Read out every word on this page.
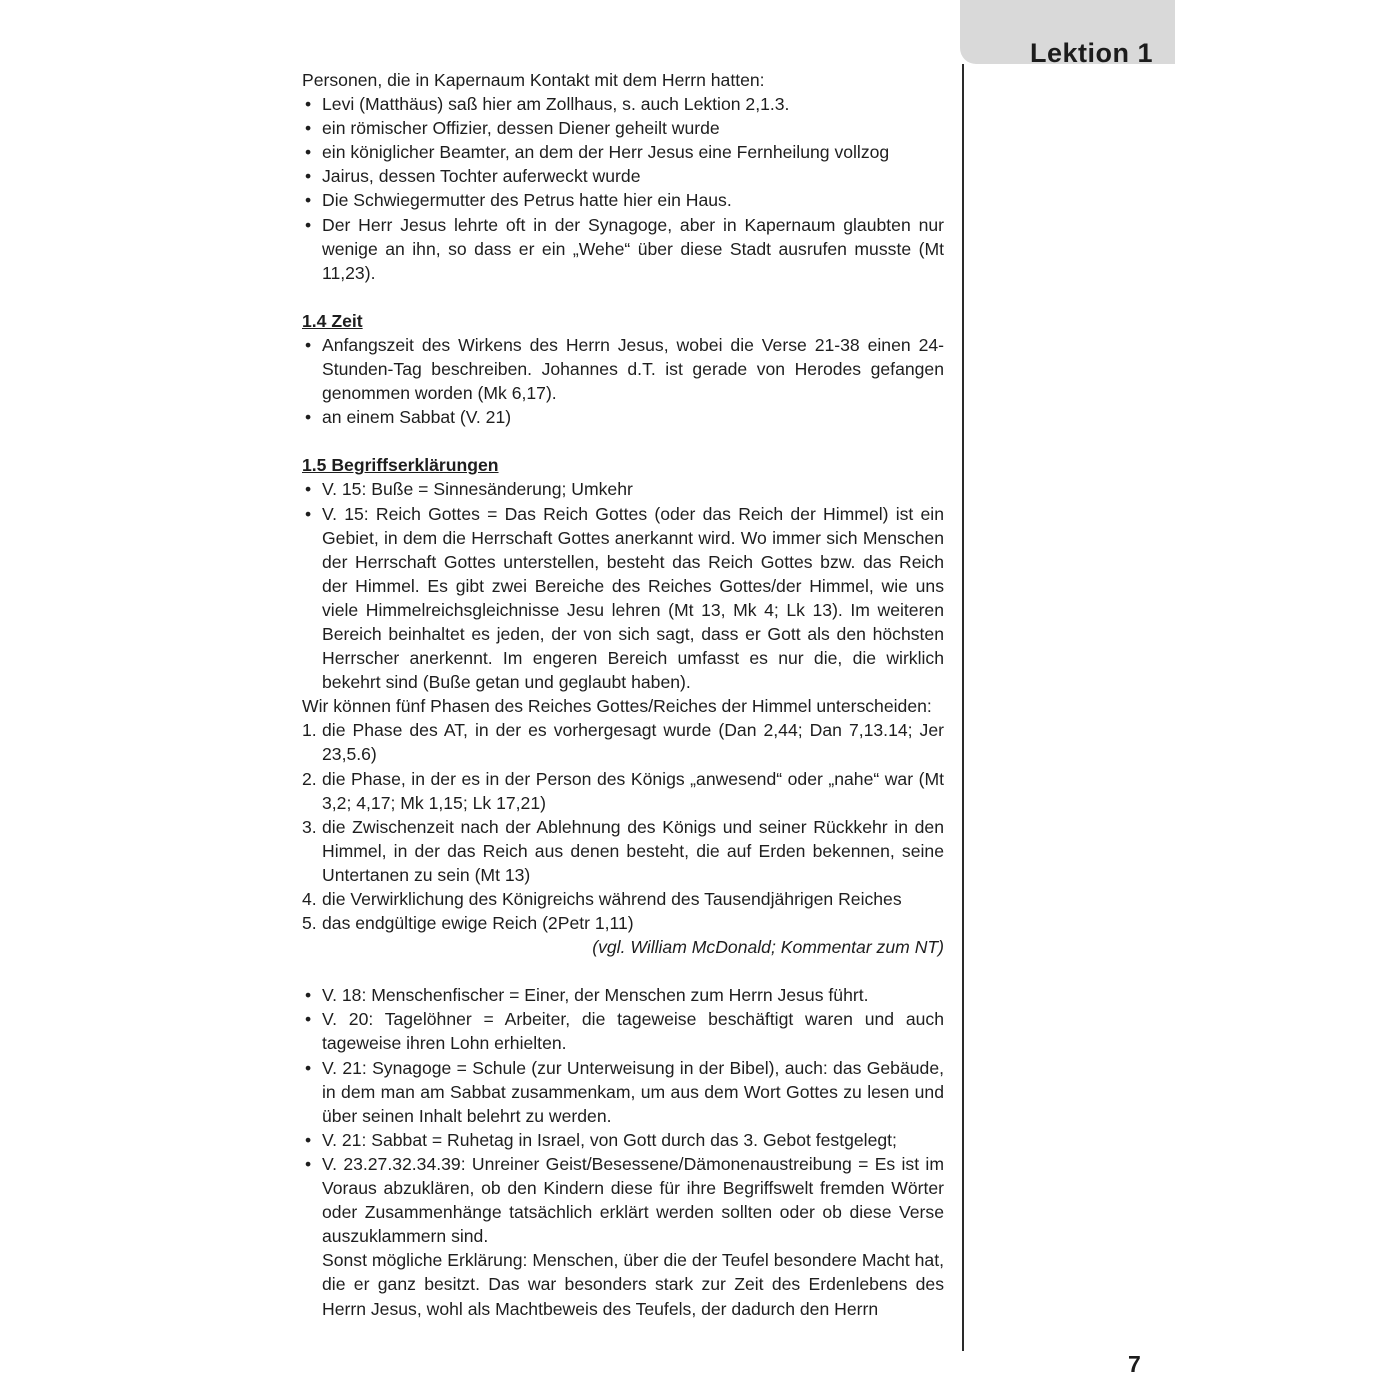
Lektion 1

Personen, die in Kapernaum Kontakt mit dem Herrn hatten:

• Levi (Matthäus) saß hier am Zollhaus, s. auch Lektion 2,1.3.
• ein römischer Offizier, dessen Diener geheilt wurde
• ein königlicher Beamter, an dem der Herr Jesus eine Fernheilung vollzog
• Jairus, dessen Tochter auferweckt wurde
• Die Schwiegermutter des Petrus hatte hier ein Haus.
• Der Herr Jesus lehrte oft in der Synagoge, aber in Kapernaum glaubten nur wenige an ihn, so dass er ein „Wehe“ über diese Stadt ausrufen musste (Mt 11,23).

1.4 Zeit

• Anfangszeit des Wirkens des Herrn Jesus, wobei die Verse 21-38 einen 24-Stunden-Tag beschreiben. Johannes d.T. ist gerade von Herodes gefangen genommen worden (Mk 6,17).
• an einem Sabbat (V. 21)

1.5 Begriffserklärungen

• V. 15: Buße = Sinnesänderung; Umkehr
• V. 15: Reich Gottes = Das Reich Gottes (oder das Reich der Himmel) ist ein Gebiet, in dem die Herrschaft Gottes anerkannt wird. Wo immer sich Menschen der Herrschaft Gottes unterstellen, besteht das Reich Gottes bzw. das Reich der Himmel. Es gibt zwei Bereiche des Reiches Gottes/der Himmel, wie uns viele Himmelreichsgleichnisse Jesu lehren (Mt 13, Mk 4; Lk 13). Im weiteren Bereich beinhaltet es jeden, der von sich sagt, dass er Gott als den höchsten Herrscher anerkennt. Im engeren Bereich umfasst es nur die, die wirklich bekehrt sind (Buße getan und geglaubt haben).

Wir können fünf Phasen des Reiches Gottes/Reiches der Himmel unterscheiden:

1. die Phase des AT, in der es vorhergesagt wurde (Dan 2,44; Dan 7,13.14; Jer 23,5.6)
2. die Phase, in der es in der Person des Königs „anwesend“ oder „nahe“ war (Mt 3,2; 4,17; Mk 1,15; Lk 17,21)
3. die Zwischenzeit nach der Ablehnung des Königs und seiner Rückkehr in den Himmel, in der das Reich aus denen besteht, die auf Erden bekennen, seine Untertanen zu sein (Mt 13)
4. die Verwirklichung des Königreichs während des Tausendjährigen Reiches
5. das endgültige ewige Reich (2Petr 1,11)

(vgl. William McDonald; Kommentar zum NT)

• V. 18: Menschenfischer = Einer, der Menschen zum Herrn Jesus führt.
• V. 20: Tagelöhner = Arbeiter, die tageweise beschäftigt waren und auch tageweise ihren Lohn erhielten.
• V. 21: Synagoge = Schule (zur Unterweisung in der Bibel), auch: das Gebäude, in dem man am Sabbat zusammenkam, um aus dem Wort Gottes zu lesen und über seinen Inhalt belehrt zu werden.
• V. 21: Sabbat = Ruhetag in Israel, von Gott durch das 3. Gebot festgelegt;
• V. 23.27.32.34.39: Unreiner Geist/Besessene/Dämonenaustreibung = Es ist im Voraus abzuklären, ob den Kindern diese für ihre Begriffswelt fremden Wörter oder Zusammenhänge tatsächlich erklärt werden sollten oder ob diese Verse auszuklammern sind.

Sonst mögliche Erklärung: Menschen, über die der Teufel besondere Macht hat, die er ganz besitzt. Das war besonders stark zur Zeit des Erdenlebens des Herrn Jesus, wohl als Machtbeweis des Teufels, der dadurch den Herrn

7
